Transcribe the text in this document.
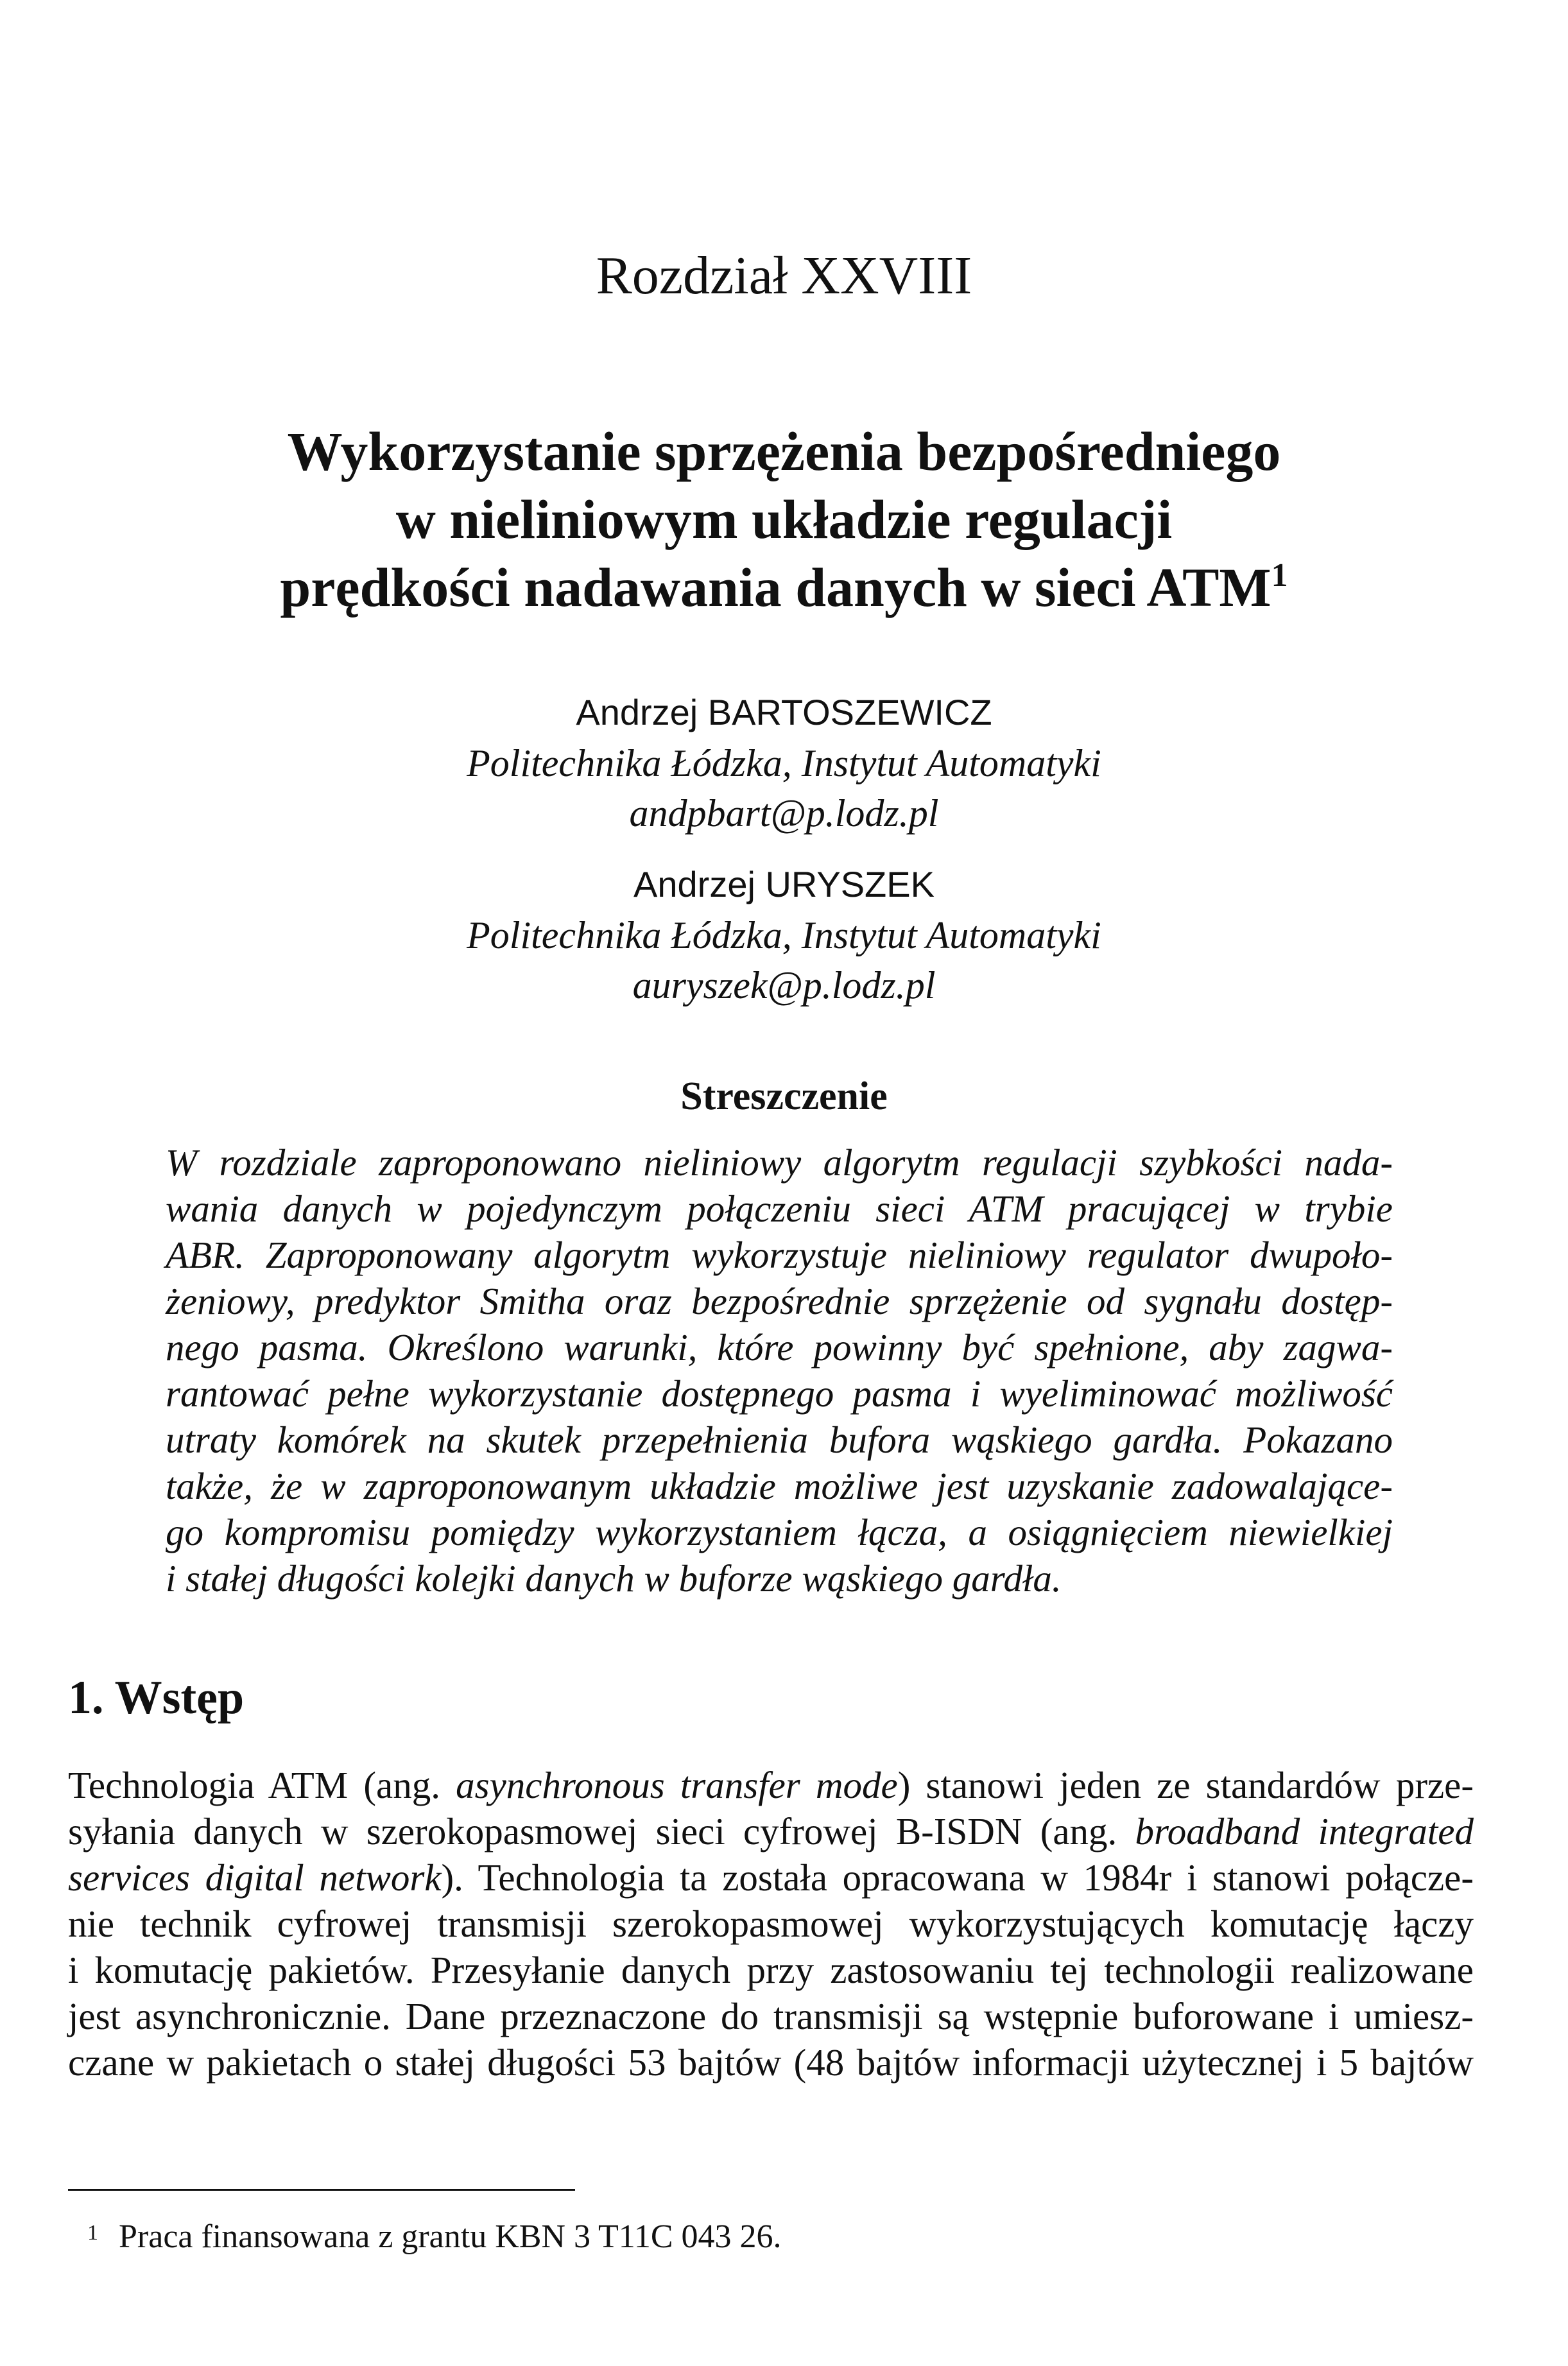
Rozdział XXVIII
Wykorzystanie sprzężenia bezpośredniego
w nieliniowym układzie regulacji
prędkości nadawania danych w sieci ATM$^1$
Andrzej BARTOSZEWICZ
Politechnika Łódzka, Instytut Automatyki
andpbart@p.lodz.pl
Andrzej URYSZEK
Politechnika Łódzka, Instytut Automatyki
auryszek@p.lodz.pl
Streszczenie
W rozdziale zaproponowano nieliniowy algorytm regulacji szybkości nada-
wania danych w pojedynczym połączeniu sieci ATM pracującej w trybie
ABR. Zaproponowany algorytm wykorzystuje nieliniowy regulator dwupoło-
żeniowy, predyktor Smitha oraz bezpośrednie sprzężenie od sygnału dostęp-
nego pasma. Określono warunki, które powinny być spełnione, aby zagwa-
rantować pełne wykorzystanie dostępnego pasma i wyeliminować możliwość
utraty komórek na skutek przepełnienia bufora wąskiego gardła. Pokazano
także, że w zaproponowanym układzie możliwe jest uzyskanie zadowalające-
go kompromisu pomiędzy wykorzystaniem łącza, a osiągnięciem niewielkiej
i stałej długości kolejki danych w buforze wąskiego gardła.
1. Wstęp
Technologia ATM (ang. asynchronous transfer mode) stanowi jeden ze standardów prze-
syłania danych w szerokopasmowej sieci cyfrowej B-ISDN (ang. broadband integrated
services digital network). Technologia ta została opracowana w 1984r i stanowi połącze-
nie technik cyfrowej transmisji szerokopasmowej wykorzystujących komutację łączy
i komutację pakietów. Przesyłanie danych przy zastosowaniu tej technologii realizowane
jest asynchronicznie. Dane przeznaczone do transmisji są wstępnie buforowane i umiesz-
czane w pakietach o stałej długości 53 bajtów (48 bajtów informacji użytecznej i 5 bajtów
$^1$ Praca finansowana z grantu KBN 3 T11C 043 26.
